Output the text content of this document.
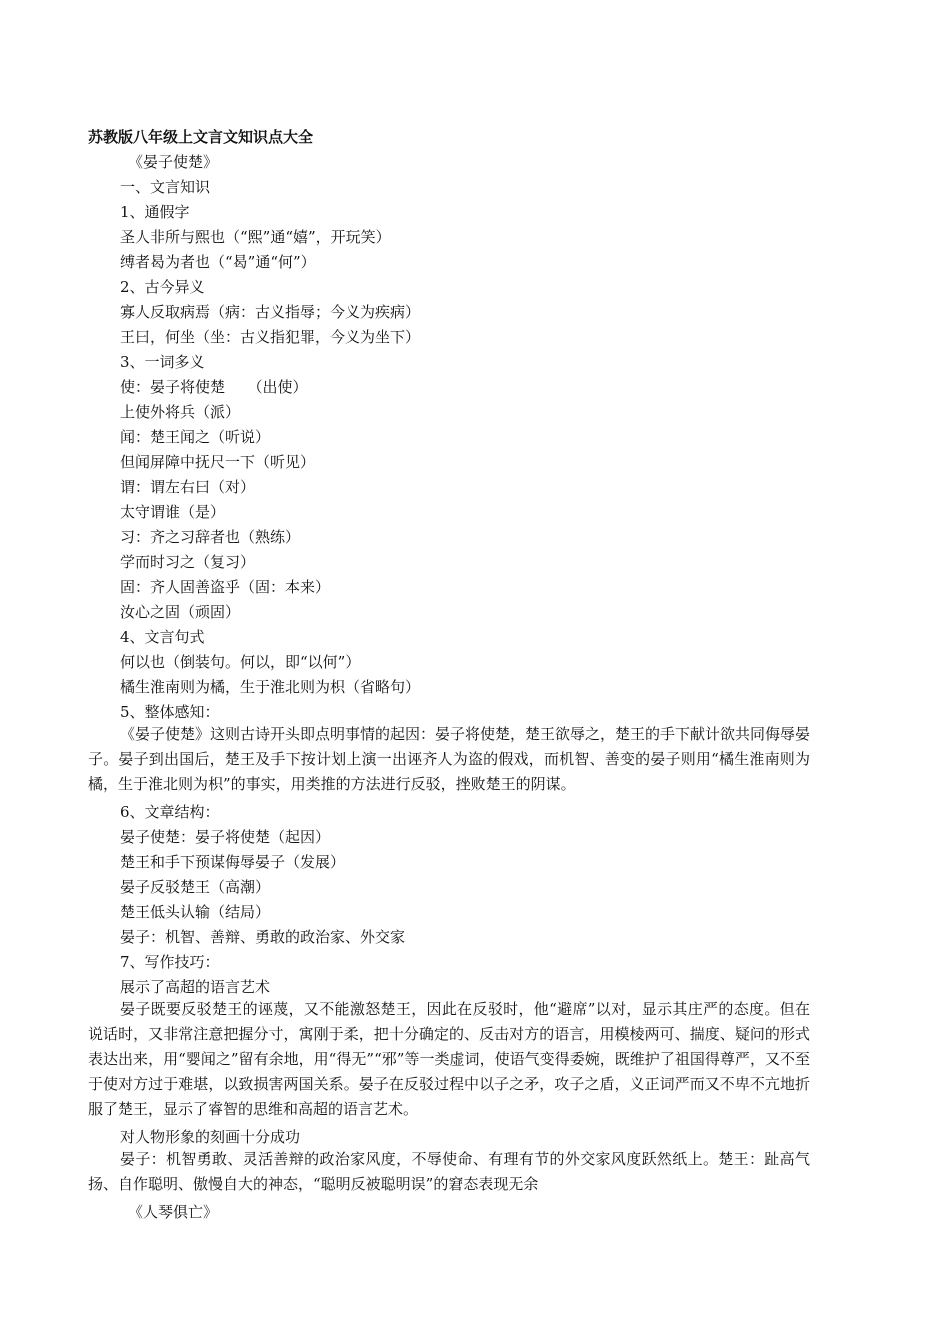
苏教版八年级上文言文知识点大全
《晏子使楚》
一、文言知识
1、通假字
圣人非所与熙也（“熙”通“嬉”，开玩笑）
缚者曷为者也（“曷”通“何”）
2、古今异义
寡人反取病焉（病：古义指辱；今义为疾病）
王曰，何坐（坐：古义指犯罪，今义为坐下）
3、一词多义
使：晏子将使楚　　（出使）
上使外将兵（派）
闻：楚王闻之（听说）
但闻屏障中抚尺一下（听见）
谓：谓左右曰（对）
太守谓谁（是）
习：齐之习辞者也（熟练）
学而时习之（复习）
固：齐人固善盗乎（固：本来）
汝心之固（顽固）
4、文言句式
何以也（倒装句。何以，即“以何”）
橘生淮南则为橘，生于淮北则为枳（省略句）
5、整体感知：
《晏子使楚》这则古诗开头即点明事情的起因：晏子将使楚，楚王欲辱之，楚王的手下献计欲共同侮辱晏子。晏子到出国后，楚王及手下按计划上演一出诬齐人为盗的假戏，而机智、善变的晏子则用“橘生淮南则为橘，生于淮北则为枳”的事实，用类推的方法进行反驳，挫败楚王的阴谋。
6、文章结构：
晏子使楚：晏子将使楚（起因）
楚王和手下预谋侮辱晏子（发展）
晏子反驳楚王（高潮）
楚王低头认输（结局）
晏子：机智、善辩、勇敢的政治家、外交家
7、写作技巧：
展示了高超的语言艺术
晏子既要反驳楚王的诬蔑，又不能激怒楚王，因此在反驳时，他“避席”以对，显示其庄严的态度。但在说话时，又非常注意把握分寸，寓刚于柔，把十分确定的、反击对方的语言，用模棱两可、揣度、疑问的形式表达出来，用“婴闻之”留有余地，用“得无”“邪”等一类虚词，使语气变得委婉，既维护了祖国得尊严，又不至于使对方过于难堪，以致损害两国关系。晏子在反驳过程中以子之矛，攻子之盾，义正词严而又不卑不亢地折服了楚王，显示了睿智的思维和高超的语言艺术。
对人物形象的刻画十分成功
晏子：机智勇敢、灵活善辩的政治家风度，不辱使命、有理有节的外交家风度跃然纸上。楚王：趾高气扬、自作聪明、傲慢自大的神态，“聪明反被聪明误”的窘态表现无余
《人琴俱亡》
